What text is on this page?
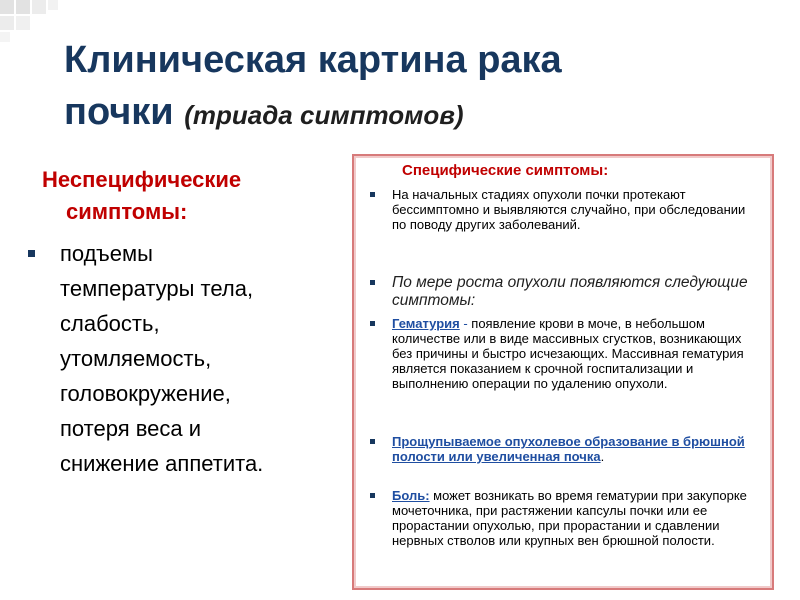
Клиническая картина рака
почки (триада симптомов)
Неспецифические
симптомы:
подъемы
температуры тела,
слабость,
утомляемость,
головокружение,
потеря веса и
снижение аппетита.
Специфические симптомы:
На начальных стадиях опухоли почки протекают бессимптомно и выявляются случайно, при обследовании по поводу других заболеваний.
По мере роста опухоли появляются следующие симптомы:
Гематурия - появление крови в моче, в небольшом количестве или в виде массивных сгустков, возникающих без причины и быстро исчезающих. Массивная гематурия является показанием к срочной госпитализации и выполнению операции по удалению опухоли.
Прощупываемое опухолевое образование в брюшной полости или увеличенная почка.
Боль: может возникать во время гематурии при закупорке мочеточника, при растяжении капсулы почки или ее прорастании опухолью, при прорастании и сдавлении нервных стволов или крупных вен брюшной полости.
